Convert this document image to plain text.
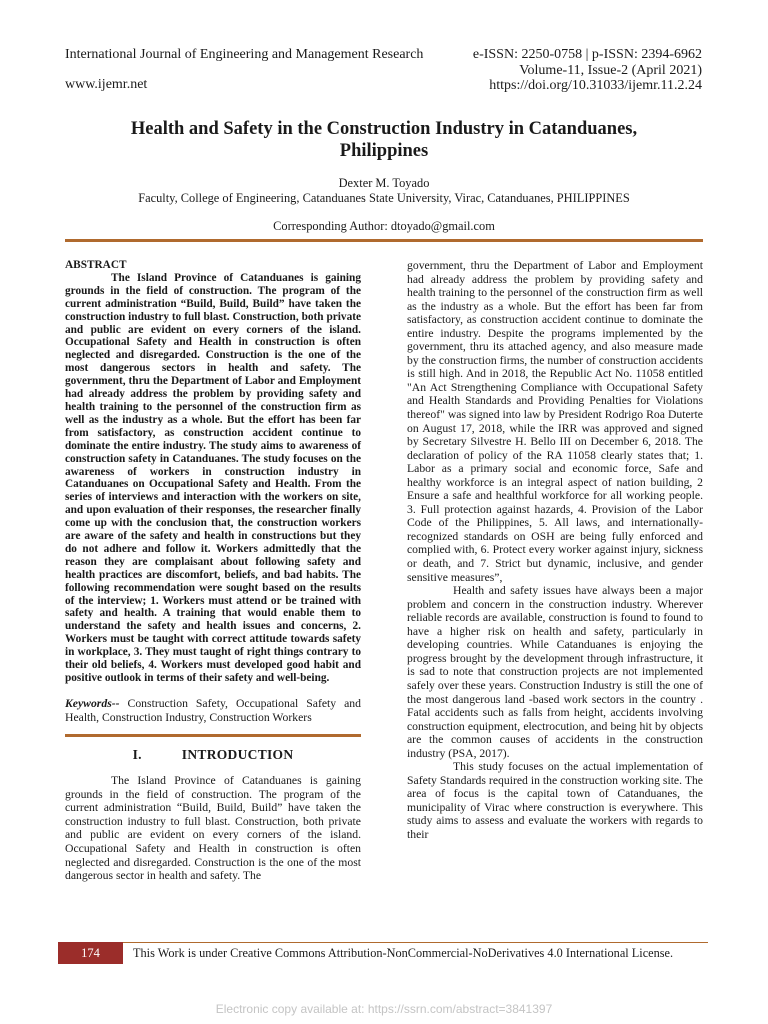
International Journal of Engineering and Management Research
www.ijemr.net
e-ISSN: 2250-0758 | p-ISSN: 2394-6962
Volume-11, Issue-2 (April 2021)
https://doi.org/10.31033/ijemr.11.2.24
Health and Safety in the Construction Industry in Catanduanes,
Philippines
Dexter M. Toyado
Faculty, College of Engineering, Catanduanes State University, Virac, Catanduanes, PHILIPPINES
Corresponding Author: dtoyado@gmail.com
ABSTRACT
The Island Province of Catanduanes is gaining grounds in the field of construction. The program of the current administration “Build, Build, Build” have taken the construction industry to full blast. Construction, both private and public are evident on every corners of the island. Occupational Safety and Health in construction is often neglected and disregarded. Construction is the one of the most dangerous sectors in health and safety. The government, thru the Department of Labor and Employment had already address the problem by providing safety and health training to the personnel of the construction firm as well as the industry as a whole. But the effort has been far from satisfactory, as construction accident continue to dominate the entire industry. The study aims to awareness of construction safety in Catanduanes. The study focuses on the awareness of workers in construction industry in Catanduanes on Occupational Safety and Health. From the series of interviews and interaction with the workers on site, and upon evaluation of their responses, the researcher finally come up with the conclusion that, the construction workers are aware of the safety and health in constructions but they do not adhere and follow it. Workers admittedly that the reason they are complaisant about following safety and health practices are discomfort, beliefs, and bad habits. The following recommendation were sought based on the results of the interview; 1. Workers must attend or be trained with safety and health. A training that would enable them to understand the safety and health issues and concerns, 2. Workers must be taught with correct attitude towards safety in workplace, 3. They must taught of right things contrary to their old beliefs, 4. Workers must developed good habit and positive outlook in terms of their safety and well-being.
Keywords-- Construction Safety, Occupational Safety and Health, Construction Industry, Construction Workers
I.	INTRODUCTION
The Island Province of Catanduanes is gaining grounds in the field of construction. The program of the current administration “Build, Build, Build” have taken the construction industry to full blast. Construction, both private and public are evident on every corners of the island. Occupational Safety and Health in construction is often neglected and disregarded. Construction is the one of the most dangerous sector in health and safety. The

government, thru the Department of Labor and Employment had already address the problem by providing safety and health training to the personnel of the construction firm as well as the industry as a whole. But the effort has been far from satisfactory, as construction accident continue to dominate the entire industry. Despite the programs implemented by the government, thru its attached agency, and also measure made by the construction firms, the number of construction accidents is still high. And in 2018, the Republic Act No. 11058 entitled "An Act Strengthening Compliance with Occupational Safety and Health Standards and Providing Penalties for Violations thereof" was signed into law by President Rodrigo Roa Duterte on August 17, 2018, while the IRR was approved and signed by Secretary Silvestre H. Bello III on December 6, 2018. The declaration of policy of the RA 11058 clearly states that; 1. Labor as a primary social and economic force, Safe and healthy workforce is an integral aspect of nation building, 2 Ensure a safe and healthful workforce for all working people. 3. Full protection against hazards, 4. Provision of the Labor Code of the Philippines, 5. All laws, and internationally-recognized standards on OSH are being fully enforced and complied with, 6. Protect every worker against injury, sickness or death, and 7. Strict but dynamic, inclusive, and gender sensitive measures”,

Health and safety issues have always been a major problem and concern in the construction industry. Wherever reliable records are available, construction is found to found to have a higher risk on health and safety, particularly in developing countries. While Catanduanes is enjoying the progress brought by the development through infrastructure, it is sad to note that construction projects are not implemented safely over these years. Construction Industry is still the one of the most dangerous land -based work sectors in the country . Fatal accidents such as falls from height, accidents involving construction equipment, electrocution, and being hit by objects are the common causes of accidents in the construction industry (PSA, 2017).

This study focuses on the actual implementation of Safety Standards required in the construction working site. The area of focus is the capital town of Catanduanes, the municipality of Virac where construction is everywhere. This study aims to assess and evaluate the workers with regards to their

174	This Work is under Creative Commons Attribution-NonCommercial-NoDerivatives 4.0 International License.
Electronic copy available at: https://ssrn.com/abstract=3841397
